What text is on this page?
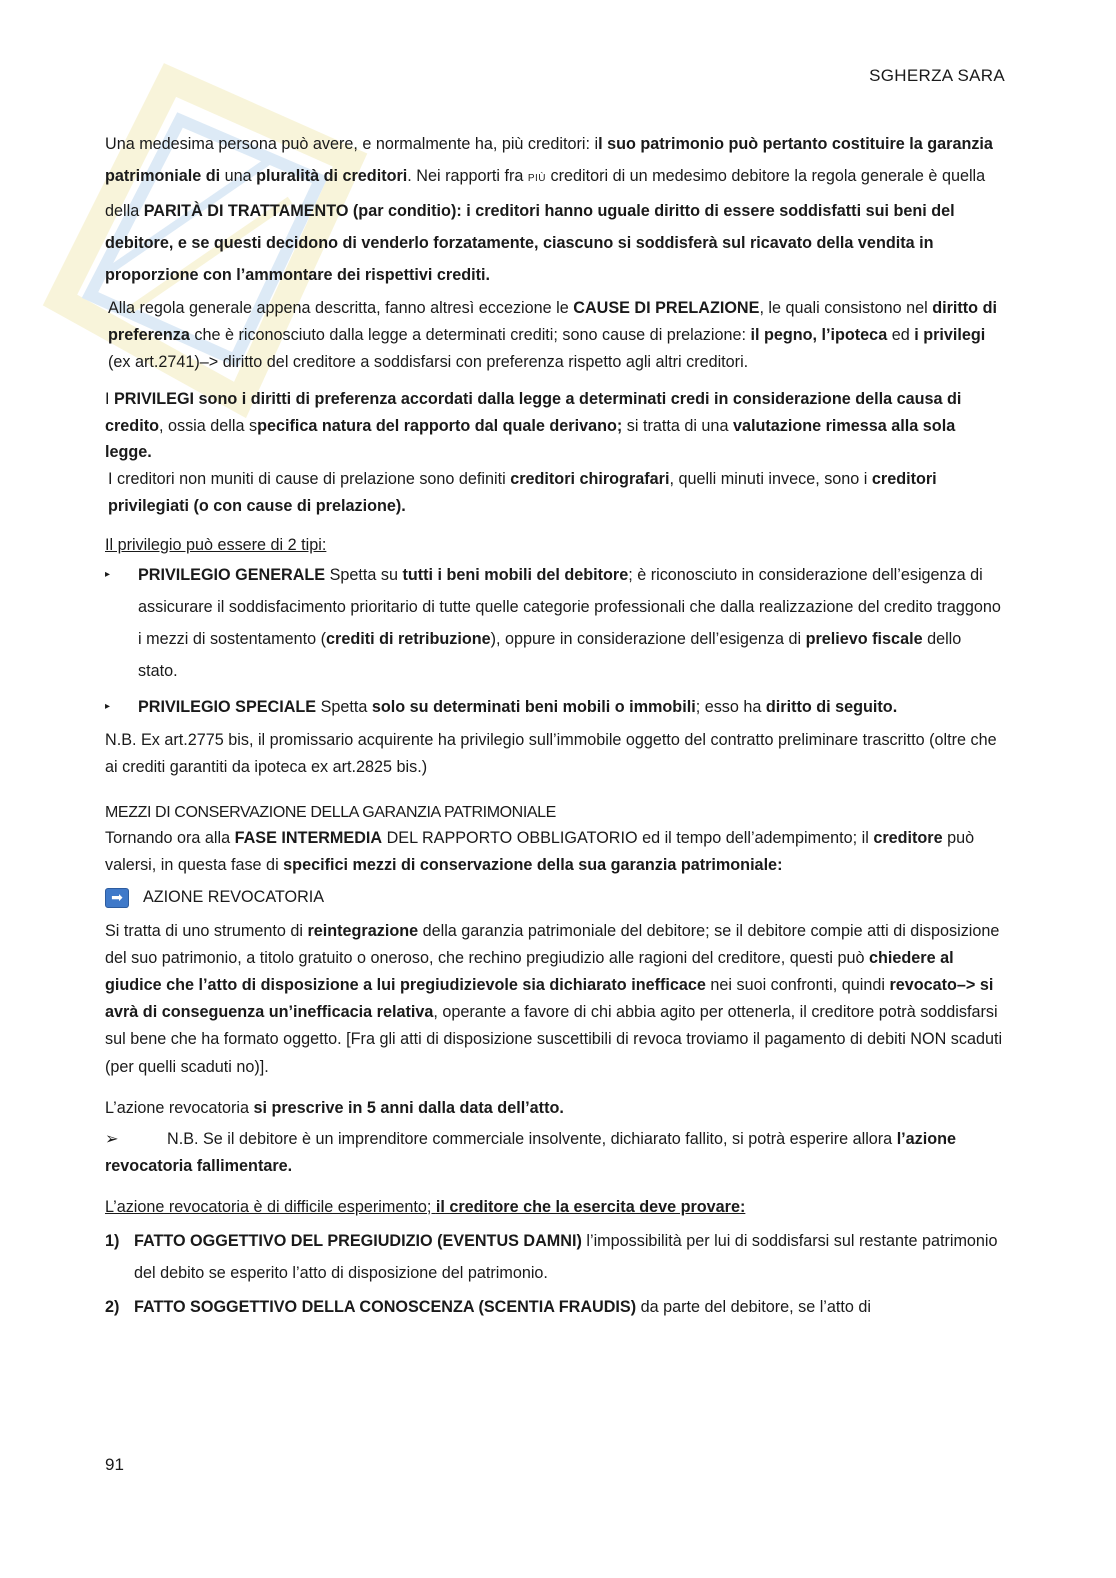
SGHERZA SARA

Una medesima persona può avere, e normalmente ha, più creditori: il suo patrimonio può pertanto costituire la garanzia patrimoniale di una pluralità di creditori. Nei rapporti fra PIÙ creditori di un medesimo debitore la regola generale è quella della PARITÀ DI TRATTAMENTO (par conditio): i creditori hanno uguale diritto di essere soddisfatti sui beni del debitore, e se questi decidono di venderlo forzatamente, ciascuno si soddisferà sul ricavato della vendita in proporzione con l’ammontare dei rispettivi crediti.

Alla regola generale appena descritta, fanno altresì eccezione le CAUSE DI PRELAZIONE, le quali consistono nel diritto di preferenza che è riconosciuto dalla legge a determinati crediti; sono cause di prelazione: il pegno, l’ipoteca ed i privilegi (ex art.2741)–> diritto del creditore a soddisfarsi con preferenza rispetto agli altri creditori.

I PRIVILEGI sono i diritti di preferenza accordati dalla legge a determinati credi in considerazione della causa di credito, ossia della specifica natura del rapporto dal quale derivano; si tratta di una valutazione rimessa alla sola legge.

I creditori non muniti di cause di prelazione sono definiti creditori chirografari, quelli minuti invece, sono i creditori privilegiati (o con cause di prelazione).

Il privilegio può essere di 2 tipi:

▸ PRIVILEGIO GENERALE Spetta su tutti i beni mobili del debitore; è riconosciuto in considerazione dell’esigenza di assicurare il soddisfacimento prioritario di tutte quelle categorie professionali che dalla realizzazione del credito traggono i mezzi di sostentamento (crediti di retribuzione), oppure in considerazione dell’esigenza di prelievo fiscale dello stato.
▸ PRIVILEGIO SPECIALE Spetta solo su determinati beni mobili o immobili; esso ha diritto di seguito.

N.B. Ex art.2775 bis, il promissario acquirente ha privilegio sull’immobile oggetto del contratto preliminare trascritto (oltre che ai crediti garantiti da ipoteca ex art.2825 bis.)

MEZZI DI CONSERVAZIONE DELLA GARANZIA PATRIMONIALE

Tornando ora alla FASE INTERMEDIA DEL RAPPORTO OBBLIGATORIO ed il tempo dell’adempimento; il creditore può valersi, in questa fase di specifici mezzi di conservazione della sua garanzia patrimoniale:

➡	AZIONE REVOCATORIA

Si tratta di uno strumento di reintegrazione della garanzia patrimoniale del debitore; se il debitore compie atti di disposizione del suo patrimonio, a titolo gratuito o oneroso, che rechino pregiudizio alle ragioni del creditore, questi può chiedere al giudice che l’atto di disposizione a lui pregiudizievole sia dichiarato inefficace nei suoi confronti, quindi revocato–> si avrà di conseguenza un’inefficacia relativa, operante a favore di chi abbia agito per ottenerla, il creditore potrà soddisfarsi sul bene che ha formato oggetto. [Fra gli atti di disposizione suscettibili di revoca troviamo il pagamento di debiti NON scaduti (per quelli scaduti no)].

L’azione revocatoria si prescrive in 5 anni dalla data dell’atto.

➢	N.B. Se il debitore è un imprenditore commerciale insolvente, dichiarato fallito, si potrà esperire allora l’azione revocatoria fallimentare.

L’azione revocatoria è di difficile esperimento; il creditore che la esercita deve provare:

1) FATTO OGGETTIVO DEL PREGIUDIZIO (EVENTUS DAMNI) l’impossibilità per lui di soddisfarsi sul restante patrimonio del debito se esperito l’atto di disposizione del patrimonio.
2) FATTO SOGGETTIVO DELLA CONOSCENZA (SCENTIA FRAUDIS) da parte del debitore, se l’atto di
91
